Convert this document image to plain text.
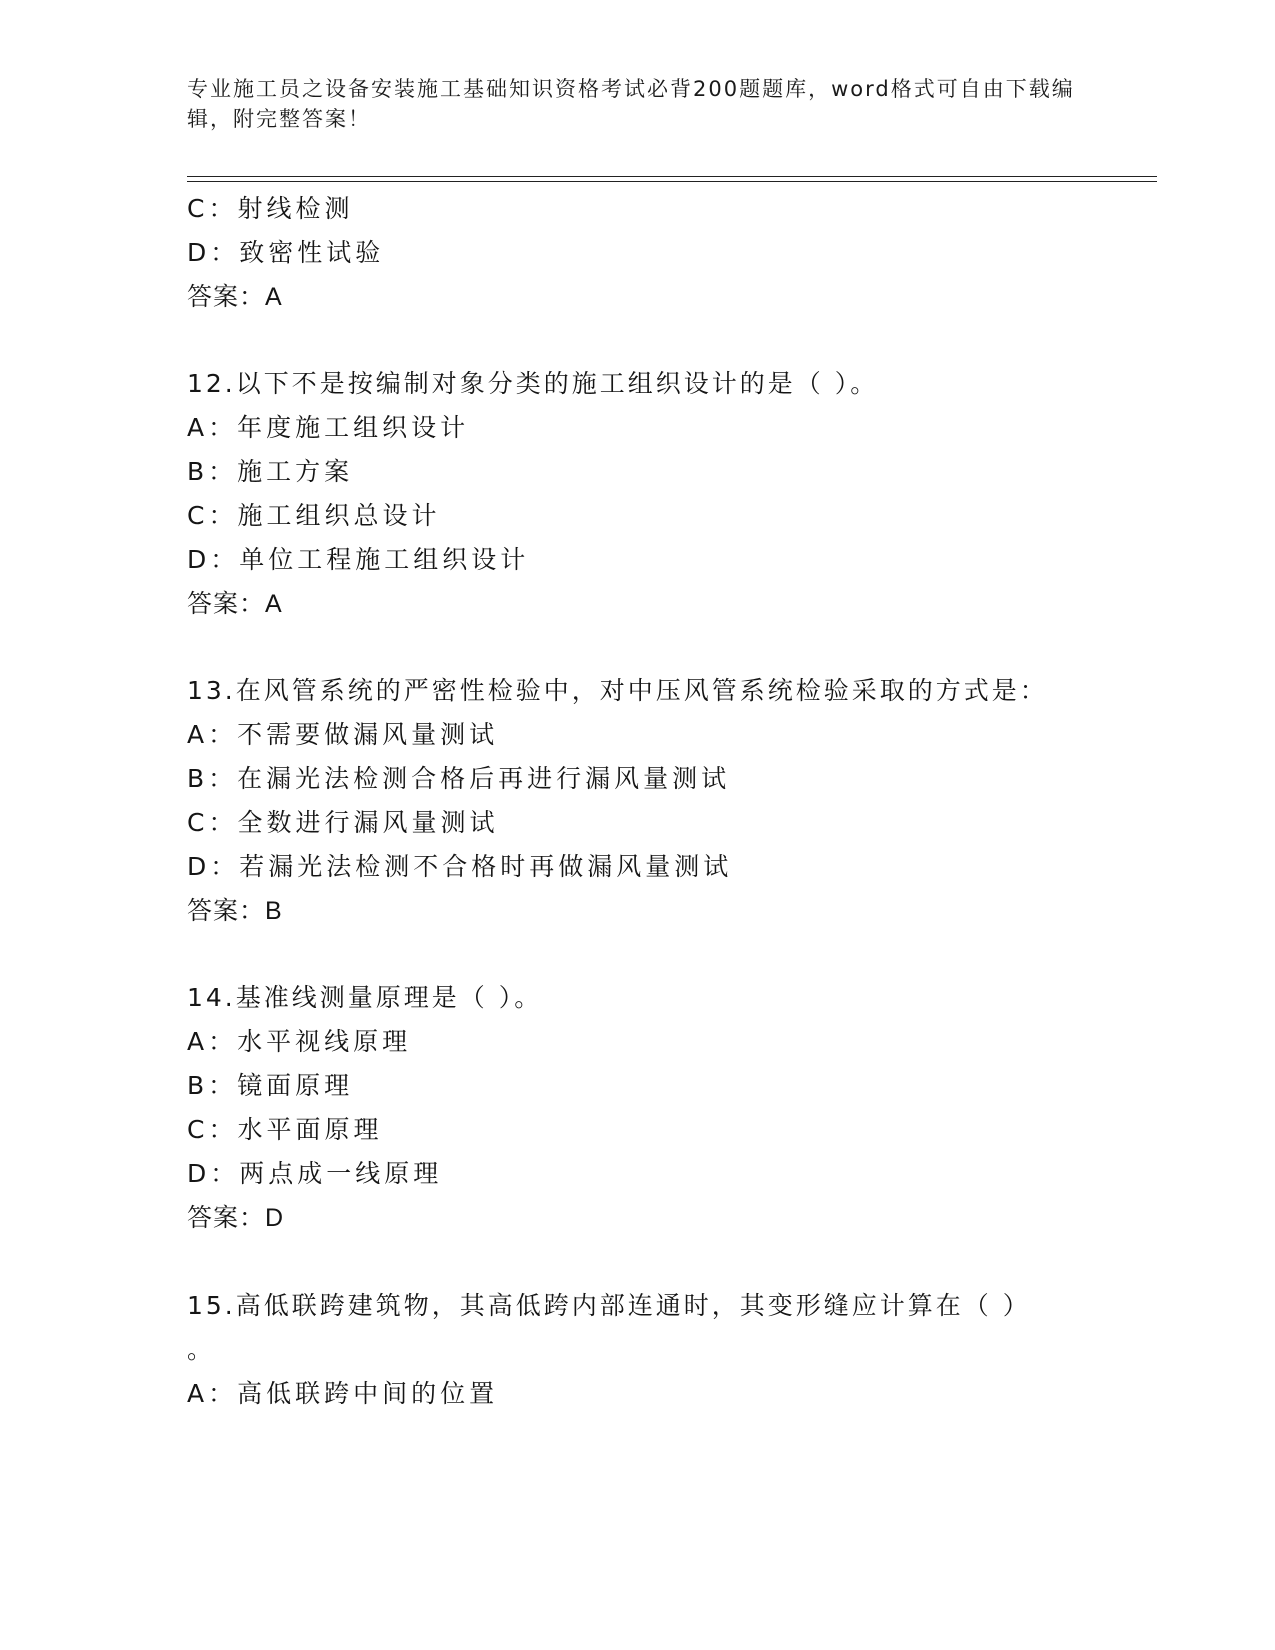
专业施工员之设备安装施工基础知识资格考试必背200题题库，word格式可自由下载编辑，附完整答案！

C：射线检测

D：致密性试验

答案：A

12.以下不是按编制对象分类的施工组织设计的是（ ）。

A：年度施工组织设计

B：施工方案

C：施工组织总设计

D：单位工程施工组织设计

答案：A

13.在风管系统的严密性检验中，对中压风管系统检验采取的方式是：

A：不需要做漏风量测试

B：在漏光法检测合格后再进行漏风量测试

C：全数进行漏风量测试

D：若漏光法检测不合格时再做漏风量测试

答案：B

14.基准线测量原理是（ ）。

A：水平视线原理

B：镜面原理

C：水平面原理

D：两点成一线原理

答案：D

15.高低联跨建筑物，其高低跨内部连通时，其变形缝应计算在（ ）

。

A：高低联跨中间的位置
